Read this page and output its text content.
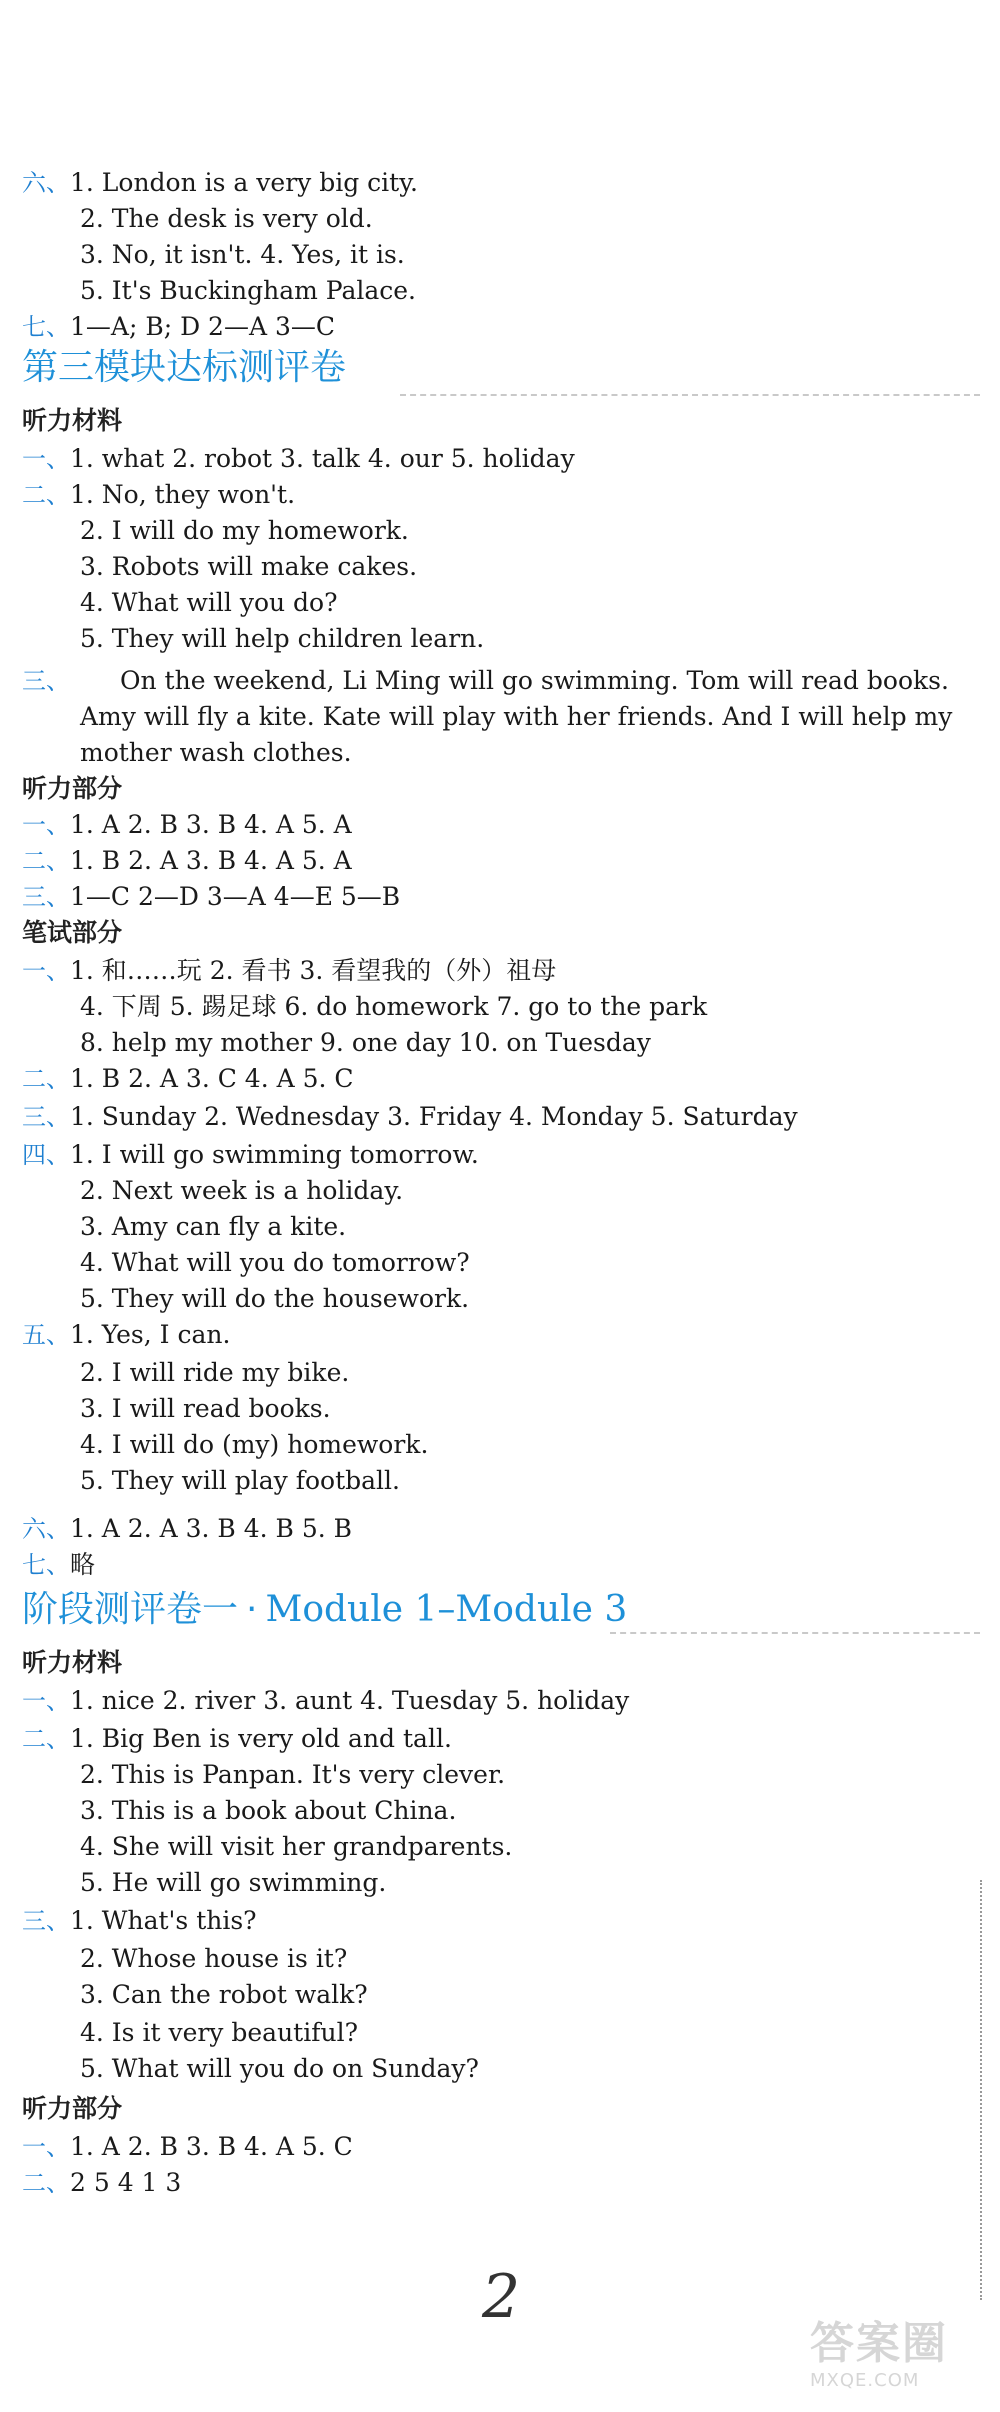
六、1. London is a very big city.
2. The desk is very old.
3. No, it isn't. 4. Yes, it is.
5. It's Buckingham Palace.
七、1—A; B; D 2—A 3—C
第三模块达标测评卷
听力材料
一、1. what 2. robot 3. talk 4. our 5. holiday
二、1. No, they won't.
2. I will do my homework.
3. Robots will make cakes.
4. What will you do?
5. They will help children learn.
三、 On the weekend, Li Ming will go swimming. Tom will read books.
Amy will fly a kite. Kate will play with her friends. And I will help my
mother wash clothes.
听力部分
一、1. A 2. B 3. B 4. A 5. A
二、1. B 2. A 3. B 4. A 5. A
三、1—C 2—D 3—A 4—E 5—B
笔试部分
一、1. 和……玩 2. 看书 3. 看望我的（外）祖母
4. 下周 5. 踢足球 6. do homework 7. go to the park
8. help my mother 9. one day 10. on Tuesday
二、1. B 2. A 3. C 4. A 5. C
三、1. Sunday 2. Wednesday 3. Friday 4. Monday 5. Saturday
四、1. I will go swimming tomorrow.
2. Next week is a holiday.
3. Amy can fly a kite.
4. What will you do tomorrow?
5. They will do the housework.
五、1. Yes, I can.
2. I will ride my bike.
3. I will read books.
4. I will do (my) homework.
5. They will play football.
六、1. A 2. A 3. B 4. B 5. B
七、略
阶段测评卷一 · Module 1–Module 3
听力材料
一、1. nice 2. river 3. aunt 4. Tuesday 5. holiday
二、1. Big Ben is very old and tall.
2. This is Panpan. It's very clever.
3. This is a book about China.
4. She will visit her grandparents.
5. He will go swimming.
三、1. What's this?
2. Whose house is it?
3. Can the robot walk?
4. Is it very beautiful?
5. What will you do on Sunday?
听力部分
一、1. A 2. B 3. B 4. A 5. C
二、2 5 4 1 3
2
答案圈
MXQE.COM
